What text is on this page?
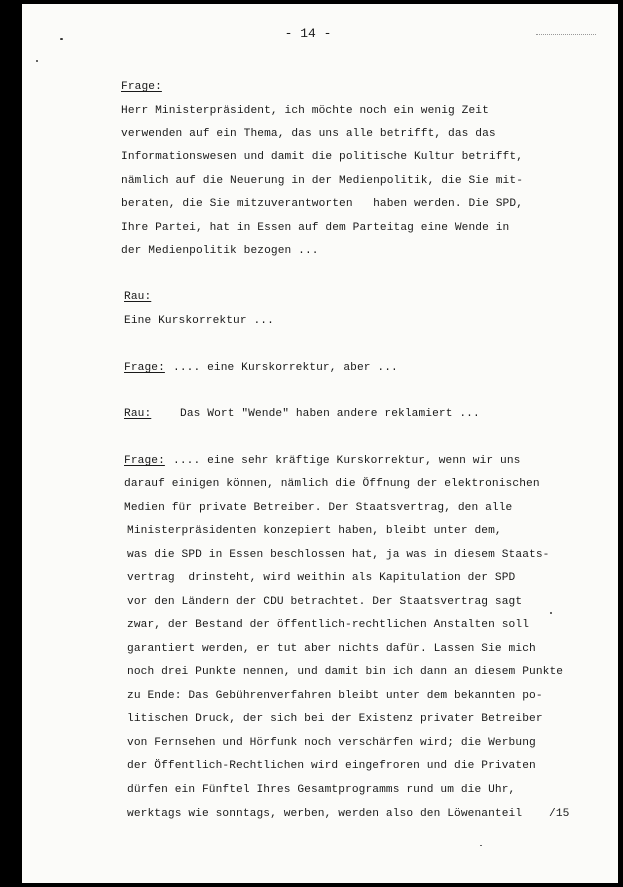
- 14 -
Frage:
Herr Ministerpräsident, ich möchte noch ein wenig Zeit
verwenden auf ein Thema, das uns alle betrifft, das das
Informationswesen und damit die politische Kultur betrifft,
nämlich auf die Neuerung in der Medienpolitik, die Sie mit-
beraten, die Sie mitzuverantworten   haben werden. Die SPD,
Ihre Partei, hat in Essen auf dem Parteitag eine Wende in
der Medienpolitik bezogen ...
Rau:
Eine Kurskorrektur ...
Frage: .... eine Kurskorrektur, aber ...
Rau:	Das Wort "Wende" haben andere reklamiert ...
Frage: .... eine sehr kräftige Kurskorrektur, wenn wir uns
darauf einigen können, nämlich die Öffnung der elektronischen
Medien für private Betreiber. Der Staatsvertrag, den alle
Ministerpräsidenten konzepiert haben, bleibt unter dem,
was die SPD in Essen beschlossen hat, ja was in diesem Staats-
vertrag  drinsteht, wird weithin als Kapitulation der SPD
vor den Ländern der CDU betrachtet. Der Staatsvertrag sagt
zwar, der Bestand der öffentlich-rechtlichen Anstalten soll
garantiert werden, er tut aber nichts dafür. Lassen Sie mich
noch drei Punkte nennen, und damit bin ich dann an diesem Punkte
zu Ende: Das Gebührenverfahren bleibt unter dem bekannten po-
litischen Druck, der sich bei der Existenz privater Betreiber
von Fernsehen und Hörfunk noch verschärfen wird; die Werbung
der Öffentlich-Rechtlichen wird eingefroren und die Privaten
dürfen ein Fünftel Ihres Gesamtprogramms rund um die Uhr,
werktags wie sonntags, werben, werden also den Löwenanteil /15
